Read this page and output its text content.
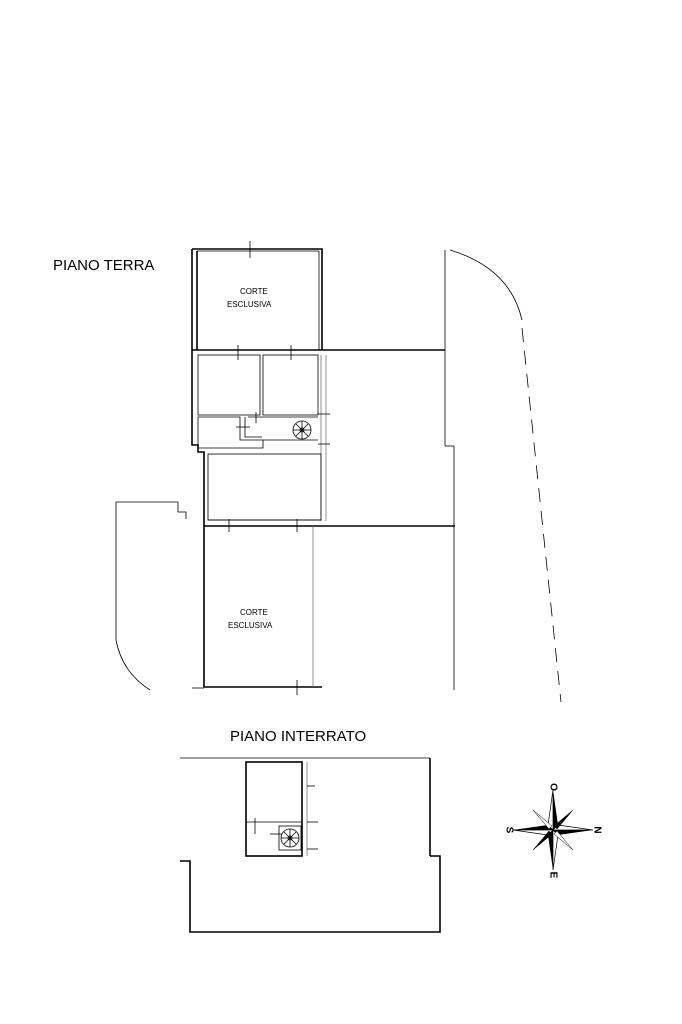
PIANO TERRA
CORTE
ESCLUSIVA
CORTE
ESCLUSIVA
PIANO INTERRATO
O
E
N
S
